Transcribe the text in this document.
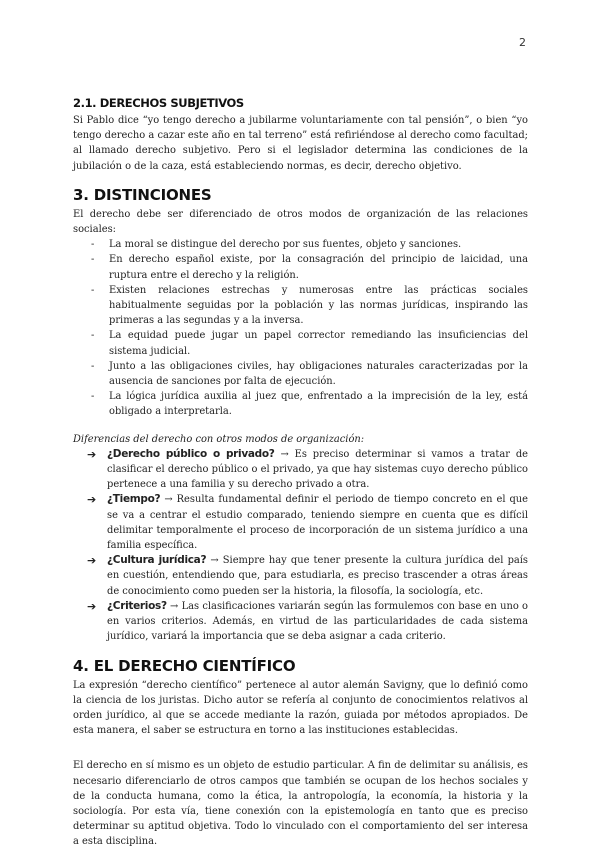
2
2.1. DERECHOS SUBJETIVOS

Si Pablo dice “yo tengo derecho a jubilarme voluntariamente con tal pensión”, o bien “yo tengo derecho a cazar este año en tal terreno” está refiriéndose al derecho como facultad; al llamado derecho subjetivo. Pero si el legislador determina las condiciones de la jubilación o de la caza, está estableciendo normas, es decir, derecho objetivo.

3. DISTINCIONES

El derecho debe ser diferenciado de otros modos de organización de las relaciones sociales:

- La moral se distingue del derecho por sus fuentes, objeto y sanciones.
- En derecho español existe, por la consagración del principio de laicidad, una ruptura entre el derecho y la religión.
- Existen relaciones estrechas y numerosas entre las prácticas sociales habitualmente seguidas por la población y las normas jurídicas, inspirando las primeras a las segundas y a la inversa.
- La equidad puede jugar un papel corrector remediando las insuficiencias del sistema judicial.
- Junto a las obligaciones civiles, hay obligaciones naturales caracterizadas por la ausencia de sanciones por falta de ejecución.
- La lógica jurídica auxilia al juez que, enfrentado a la imprecisión de la ley, está obligado a interpretarla.

Diferencias del derecho con otros modos de organización:

➔ ¿Derecho público o privado? → Es preciso determinar si vamos a tratar de clasificar el derecho público o el privado, ya que hay sistemas cuyo derecho público pertenece a una familia y su derecho privado a otra.
➔ ¿Tiempo? → Resulta fundamental definir el periodo de tiempo concreto en el que se va a centrar el estudio comparado, teniendo siempre en cuenta que es difícil delimitar temporalmente el proceso de incorporación de un sistema jurídico a una familia específica.
➔ ¿Cultura jurídica? → Siempre hay que tener presente la cultura jurídica del país en cuestión, entendiendo que, para estudiarla, es preciso trascender a otras áreas de conocimiento como pueden ser la historia, la filosofía, la sociología, etc.
➔ ¿Criterios? → Las clasificaciones variarán según las formulemos con base en uno o en varios criterios. Además, en virtud de las particularidades de cada sistema jurídico, variará la importancia que se deba asignar a cada criterio.
4. EL DERECHO CIENTÍFICO

La expresión “derecho científico” pertenece al autor alemán Savigny, que lo definió como la ciencia de los juristas. Dicho autor se refería al conjunto de conocimientos relativos al orden jurídico, al que se accede mediante la razón, guiada por métodos apropiados. De esta manera, el saber se estructura en torno a las instituciones establecidas.

El derecho en sí mismo es un objeto de estudio particular. A fin de delimitar su análisis, es necesario diferenciarlo de otros campos que también se ocupan de los hechos sociales y de la conducta humana, como la ética, la antropología, la economía, la historia y la sociología. Por esta vía, tiene conexión con la epistemología en tanto que es preciso determinar su aptitud objetiva. Todo lo vinculado con el comportamiento del ser interesa a esta disciplina.
